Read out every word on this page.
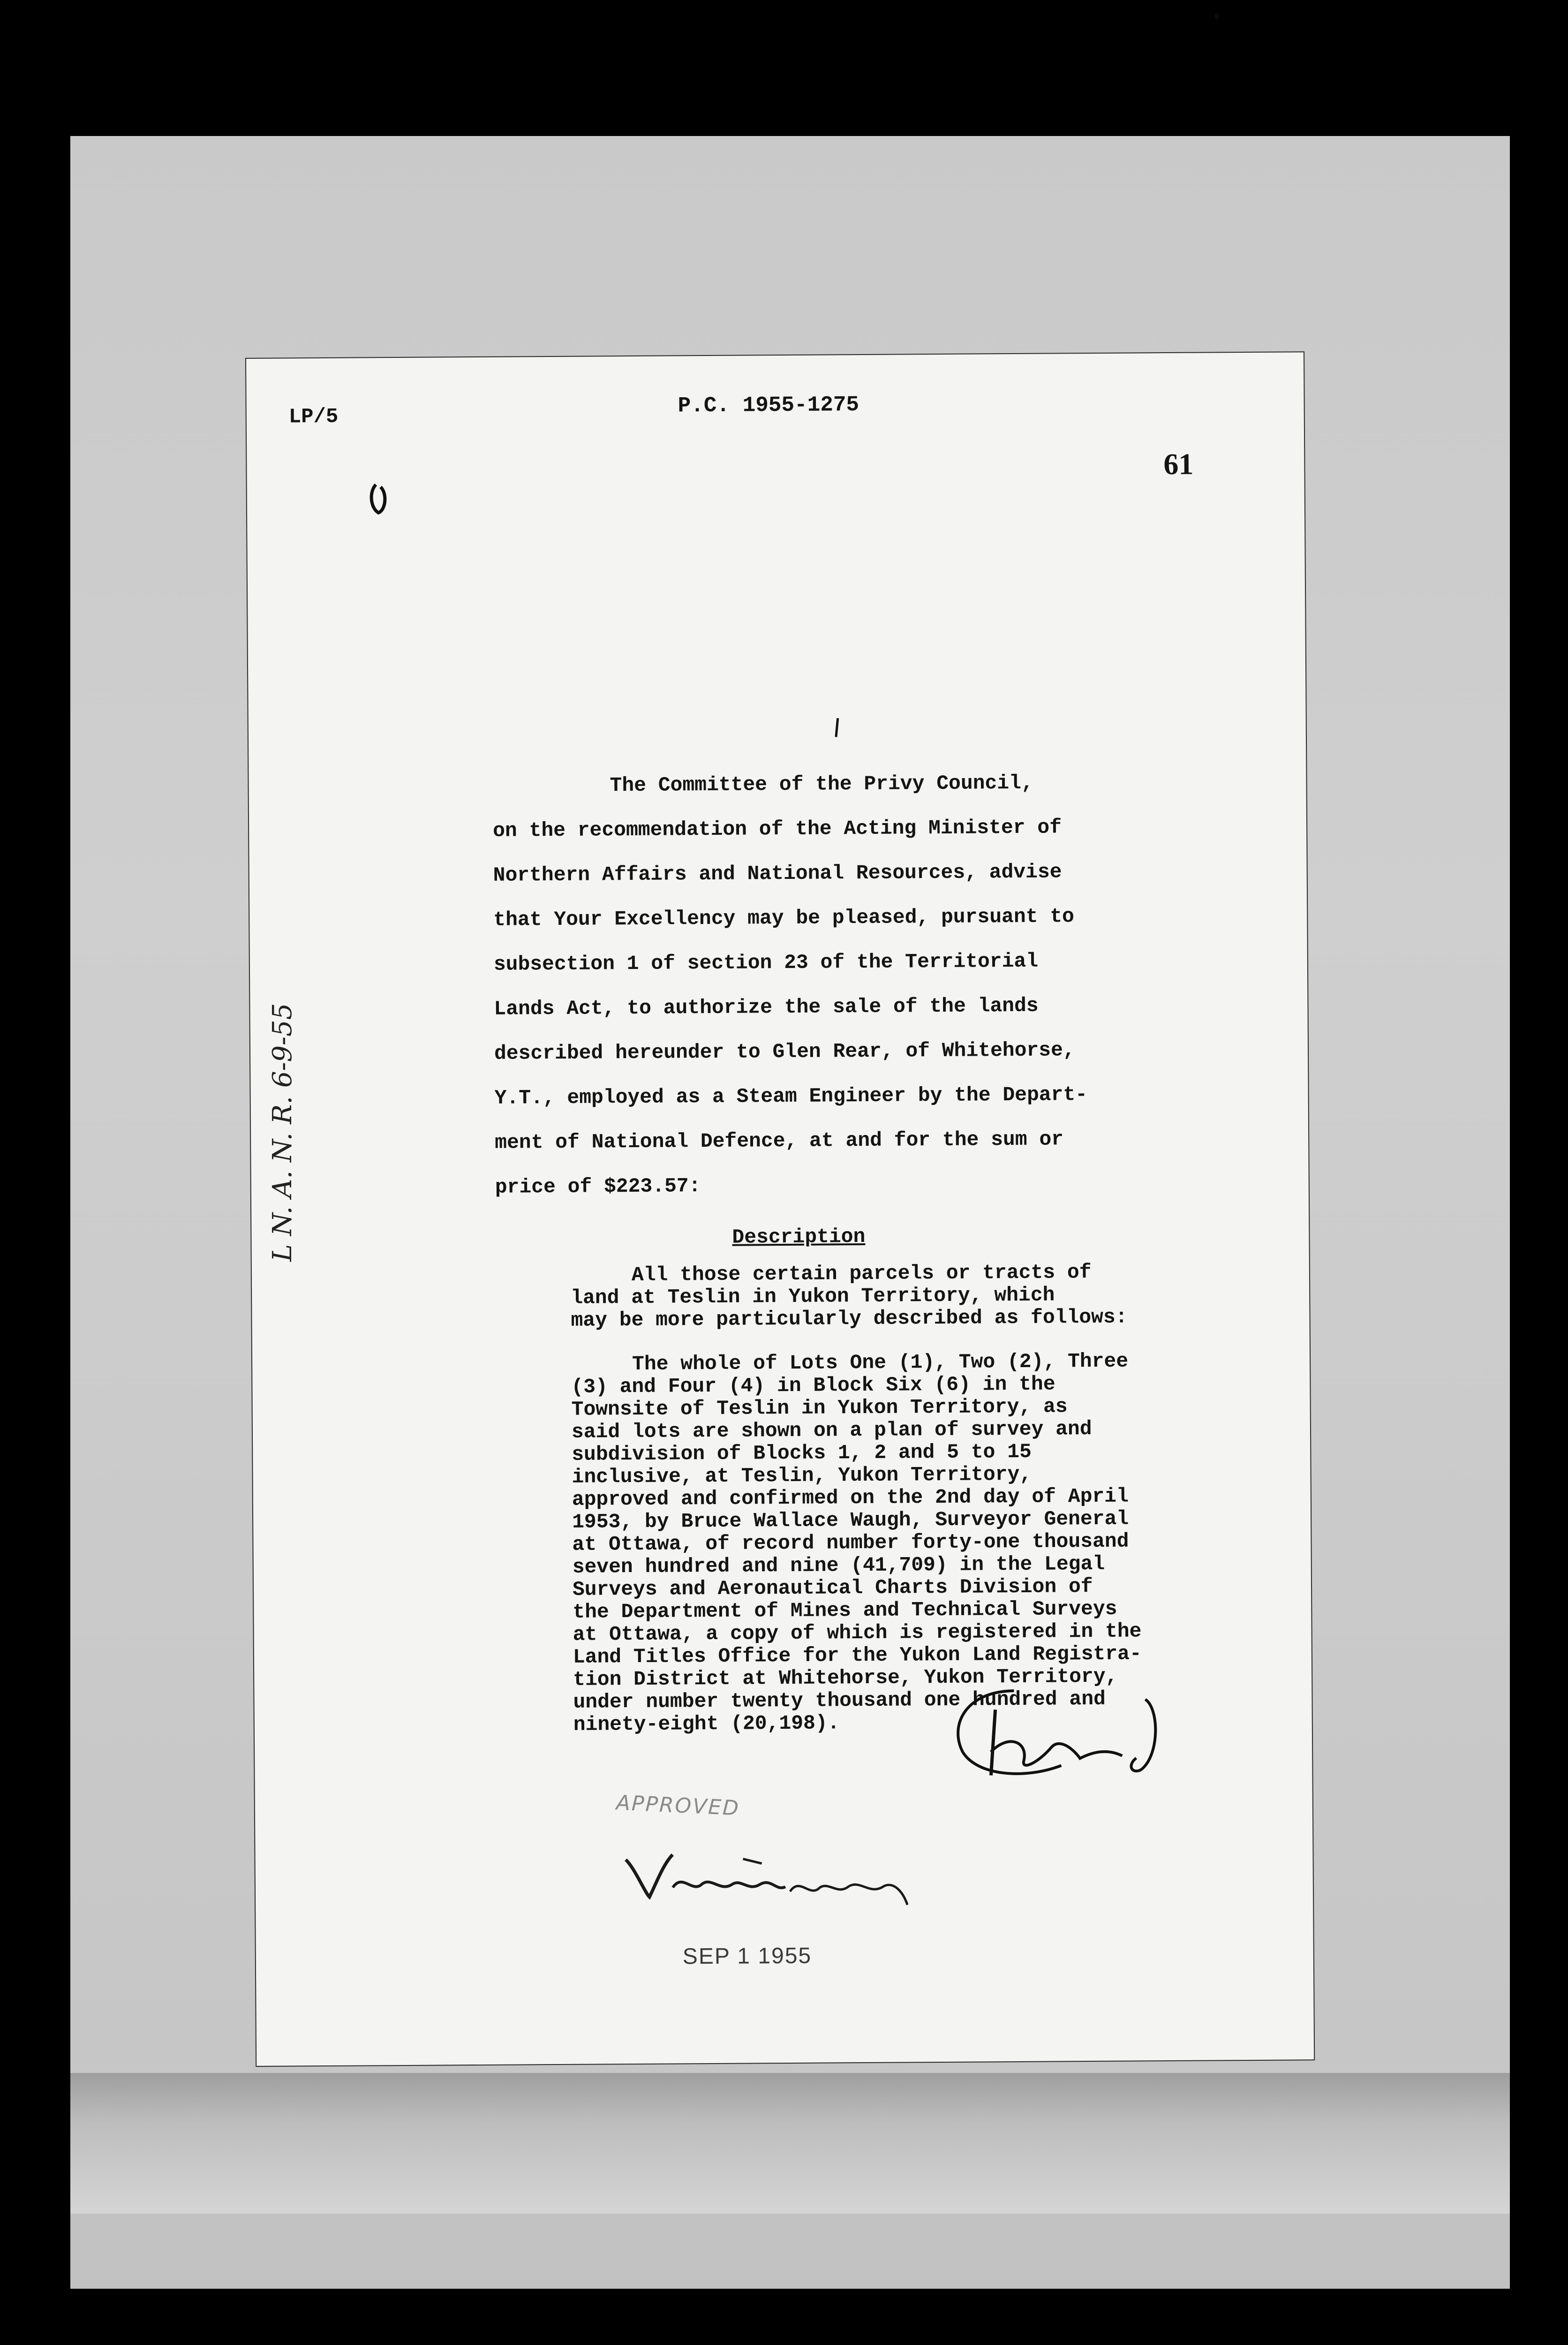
LP/5	P.C. 1955-1275
61
The Committee of the Privy Council,
on the recommendation of the Acting Minister of
Northern Affairs and National Resources, advise
that Your Excellency may be pleased, pursuant to
subsection 1 of section 23 of the Territorial
Lands Act, to authorize the sale of the lands
described hereunder to Glen Rear, of Whitehorse,
Y.T., employed as a Steam Engineer by the Depart-
ment of National Defence, at and for the sum or
price of $223.57:
Description
All those certain parcels or tracts of
land at Teslin in Yukon Territory, which
may be more particularly described as follows:
The whole of Lots One (1), Two (2), Three
(3) and Four (4) in Block Six (6) in the
Townsite of Teslin in Yukon Territory, as
said lots are shown on a plan of survey and
subdivision of Blocks 1, 2 and 5 to 15
inclusive, at Teslin, Yukon Territory,
approved and confirmed on the 2nd day of April
1953, by Bruce Wallace Waugh, Surveyor General
at Ottawa, of record number forty-one thousand
seven hundred and nine (41,709) in the Legal
Surveys and Aeronautical Charts Division of
the Department of Mines and Technical Surveys
at Ottawa, a copy of which is registered in the
Land Titles Office for the Yukon Land Registra-
tion District at Whitehorse, Yukon Territory,
under number twenty thousand one hundred and
ninety-eight (20,198).
APPROVED
SEP 1 1955
L N. A. N. R. 6-9-55
